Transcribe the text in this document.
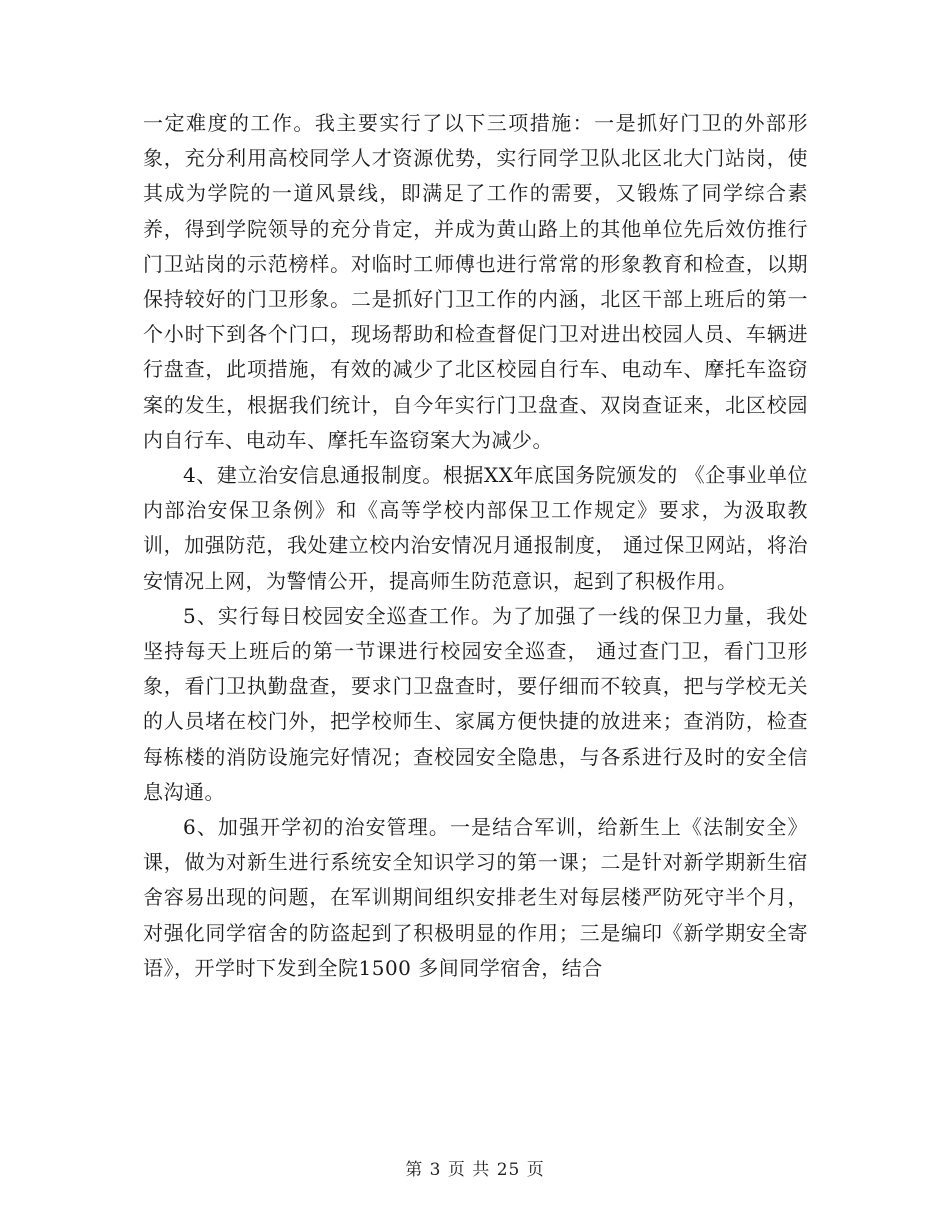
一定难度的工作。我主要实行了以下三项措施：一是抓好门卫的外部形象，充分利用高校同学人才资源优势，实行同学卫队北区北大门站岗，使其成为学院的一道风景线，即满足了工作的需要，又锻炼了同学综合素养，得到学院领导的充分肯定，并成为黄山路上的其他单位先后效仿推行门卫站岗的示范榜样。对临时工师傅也进行常常的形象教育和检查，以期保持较好的门卫形象。二是抓好门卫工作的内涵，北区干部上班后的第一个小时下到各个门口，现场帮助和检查督促门卫对进出校园人员、车辆进行盘查，此项措施，有效的减少了北区校园自行车、电动车、摩托车盗窃案的发生，根据我们统计，自今年实行门卫盘查、双岗查证来，北区校园内自行车、电动车、摩托车盗窃案大为减少。

4、建立治安信息通报制度。根据XX年底国务院颁发的 《企事业单位内部治安保卫条例》和《高等学校内部保卫工作规定》要求，为汲取教训，加强防范，我处建立校内治安情况月通报制度， 通过保卫网站，将治安情况上网，为警情公开，提高师生防范意识，起到了积极作用。

5、实行每日校园安全巡查工作。为了加强了一线的保卫力量，我处坚持每天上班后的第一节课进行校园安全巡查， 通过查门卫，看门卫形象，看门卫执勤盘查，要求门卫盘查时，要仔细而不较真，把与学校无关的人员堵在校门外，把学校师生、家属方便快捷的放进来；查消防，检查每栋楼的消防设施完好情况；查校园安全隐患，与各系进行及时的安全信息沟通。

6、加强开学初的治安管理。一是结合军训，给新生上《法制安全》课，做为对新生进行系统安全知识学习的第一课；二是针对新学期新生宿舍容易出现的问题，在军训期间组织安排老生对每层楼严防死守半个月，对强化同学宿舍的防盗起到了积极明显的作用；三是编印《新学期安全寄语》，开学时下发到全院1500 多间同学宿舍，结合

第 3 页 共 25 页
